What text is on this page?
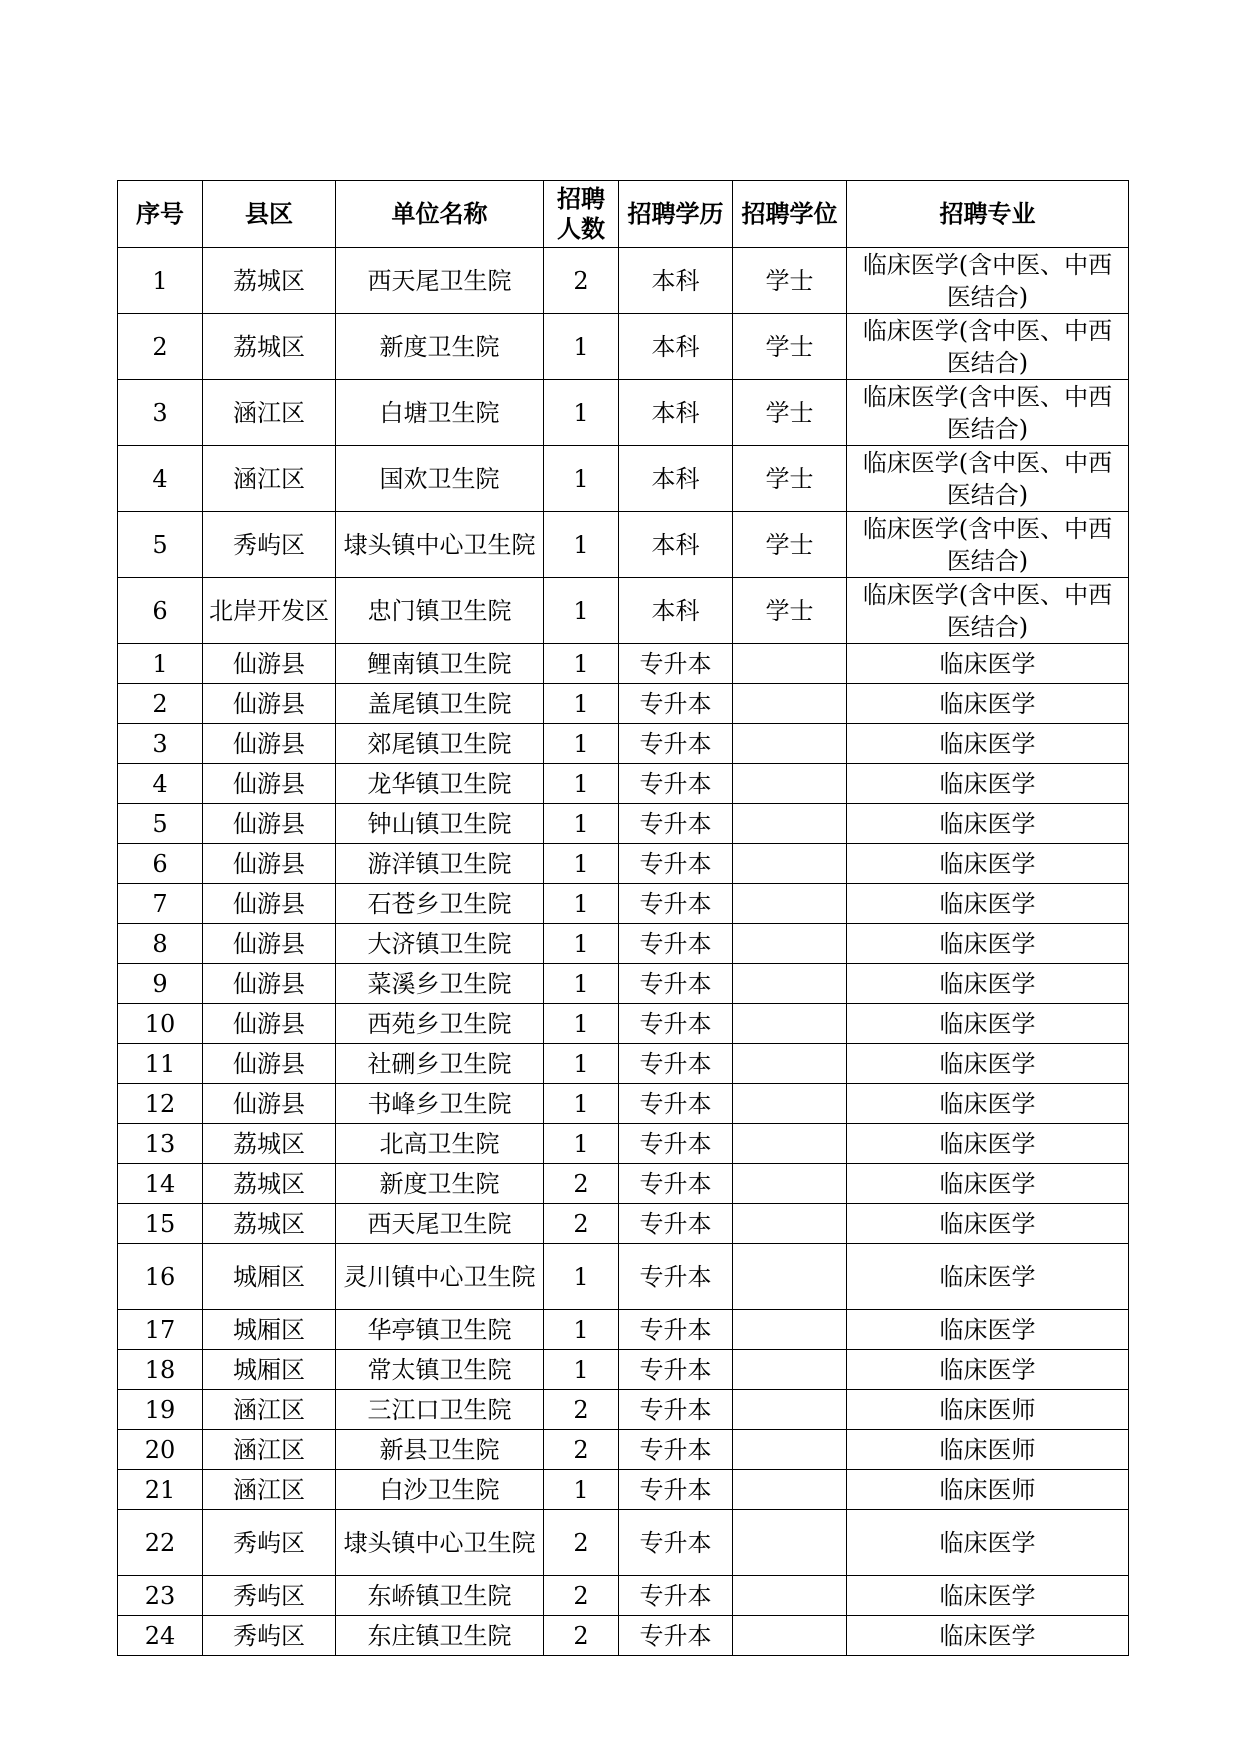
序号	县区	单位名称	招聘人数	招聘学历	招聘学位	招聘专业
1	荔城区	西天尾卫生院	2	本科	学士	临床医学(含中医、中西医结合)
2	荔城区	新度卫生院	1	本科	学士	临床医学(含中医、中西医结合)
3	涵江区	白塘卫生院	1	本科	学士	临床医学(含中医、中西医结合)
4	涵江区	国欢卫生院	1	本科	学士	临床医学(含中医、中西医结合)
5	秀屿区	埭头镇中心卫生院	1	本科	学士	临床医学(含中医、中西医结合)
6	北岸开发区	忠门镇卫生院	1	本科	学士	临床医学(含中医、中西医结合)
1	仙游县	鲤南镇卫生院	1	专升本		临床医学
2	仙游县	盖尾镇卫生院	1	专升本		临床医学
3	仙游县	郊尾镇卫生院	1	专升本		临床医学
4	仙游县	龙华镇卫生院	1	专升本		临床医学
5	仙游县	钟山镇卫生院	1	专升本		临床医学
6	仙游县	游洋镇卫生院	1	专升本		临床医学
7	仙游县	石苍乡卫生院	1	专升本		临床医学
8	仙游县	大济镇卫生院	1	专升本		临床医学
9	仙游县	菜溪乡卫生院	1	专升本		临床医学
10	仙游县	西苑乡卫生院	1	专升本		临床医学
11	仙游县	社硎乡卫生院	1	专升本		临床医学
12	仙游县	书峰乡卫生院	1	专升本		临床医学
13	荔城区	北高卫生院	1	专升本		临床医学
14	荔城区	新度卫生院	2	专升本		临床医学
15	荔城区	西天尾卫生院	2	专升本		临床医学
16	城厢区	灵川镇中心卫生院	1	专升本		临床医学
17	城厢区	华亭镇卫生院	1	专升本		临床医学
18	城厢区	常太镇卫生院	1	专升本		临床医学
19	涵江区	三江口卫生院	2	专升本		临床医师
20	涵江区	新县卫生院	2	专升本		临床医师
21	涵江区	白沙卫生院	1	专升本		临床医师
22	秀屿区	埭头镇中心卫生院	2	专升本		临床医学
23	秀屿区	东峤镇卫生院	2	专升本		临床医学
24	秀屿区	东庄镇卫生院	2	专升本		临床医学
